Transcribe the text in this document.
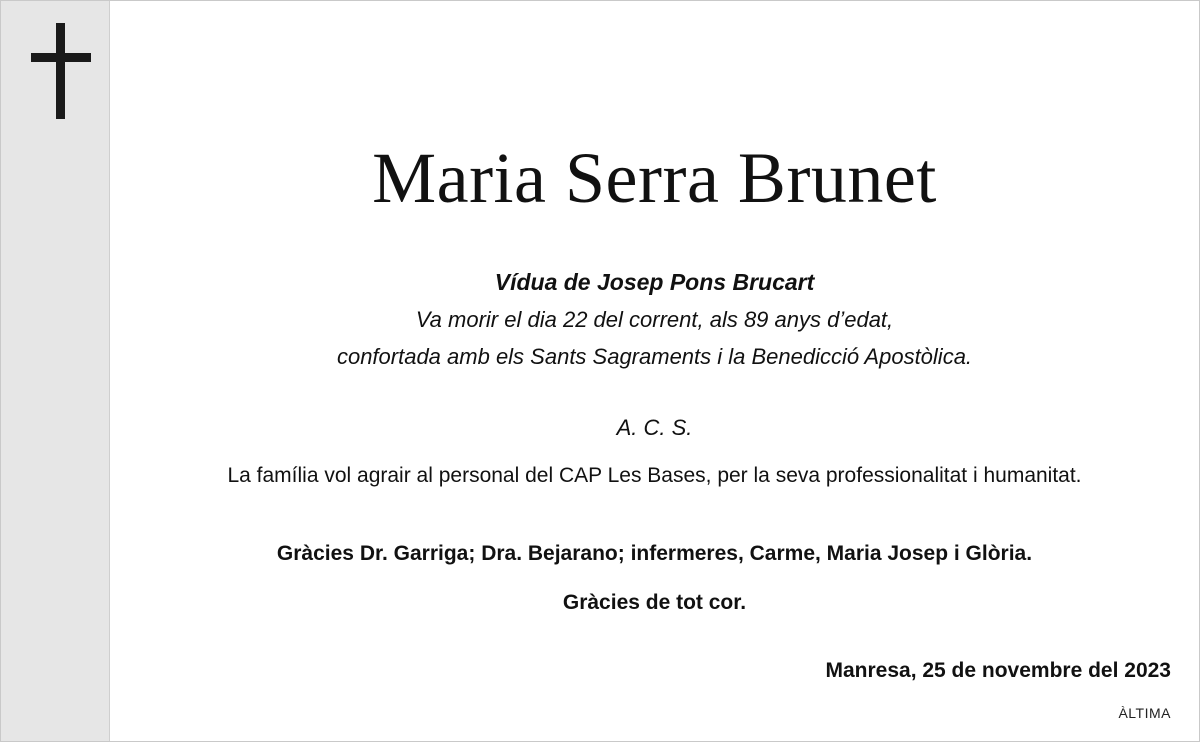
Maria Serra Brunet
Vídua de Josep Pons Brucart
Va morir el dia 22 del corrent, als 89 anys d’edat,
confortada amb els Sants Sagraments i la Benedicció Apostòlica.
A. C. S.
La família vol agrair al personal del CAP Les Bases, per la seva professionalitat i humanitat.
Gràcies Dr. Garriga; Dra. Bejarano; infermeres, Carme, Maria Josep i Glòria.
Gràcies de tot cor.
Manresa, 25 de novembre del 2023
ÀLTIMA
